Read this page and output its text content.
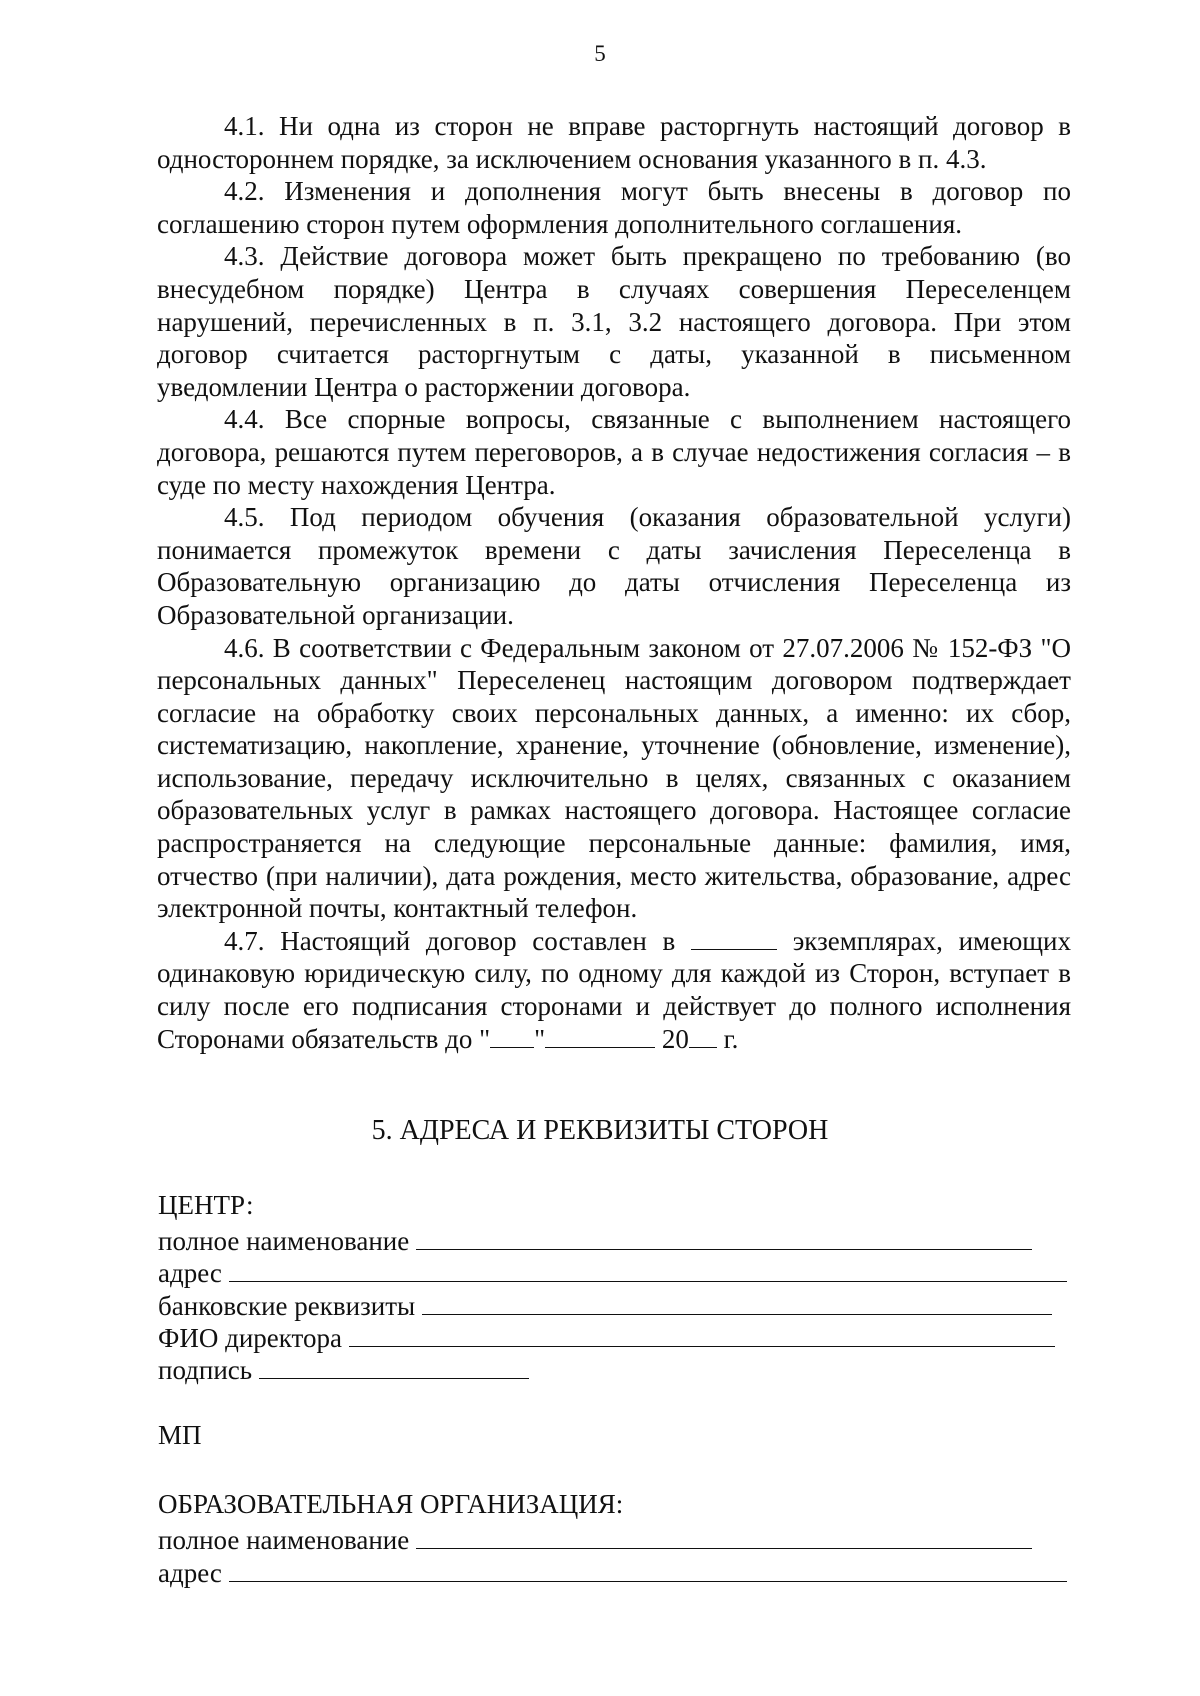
5

4.1. Ни одна из сторон не вправе расторгнуть настоящий договор в одностороннем порядке, за исключением основания указанного в п. 4.3.

4.2. Изменения и дополнения могут быть внесены в договор по соглашению сторон путем оформления дополнительного соглашения.

4.3. Действие договора может быть прекращено по требованию (во внесудебном порядке) Центра в случаях совершения Переселенцем нарушений, перечисленных в п. 3.1, 3.2 настоящего договора. При этом договор считается расторгнутым с даты, указанной в письменном уведомлении Центра о расторжении договора.

4.4. Все спорные вопросы, связанные с выполнением настоящего договора, решаются путем переговоров, а в случае недостижения согласия – в суде по месту нахождения Центра.

4.5. Под периодом обучения (оказания образовательной услуги) понимается промежуток времени с даты зачисления Переселенца в Образовательную организацию до даты отчисления Переселенца из Образовательной организации.

4.6. В соответствии с Федеральным законом от 27.07.2006 № 152-ФЗ "О персональных данных" Переселенец настоящим договором подтверждает согласие на обработку своих персональных данных, а именно: их сбор, систематизацию, накопление, хранение, уточнение (обновление, изменение), использование, передачу исключительно в целях, связанных с оказанием образовательных услуг в рамках настоящего договора. Настоящее согласие распространяется на следующие персональные данные: фамилия, имя, отчество (при наличии), дата рождения, место жительства, образование, адрес электронной почты, контактный телефон.

4.7. Настоящий договор составлен в	экземплярах, имеющих одинаковую юридическую силу, по одному для каждой из Сторон, вступает в силу после его подписания сторонами и действует до полного исполнения Сторонами обязательств до " "	20 г.

5. АДРЕСА И РЕКВИЗИТЫ СТОРОН
ЦЕНТР:
полное наименование
адрес
банковские реквизиты
ФИО директора
подпись
МП
ОБРАЗОВАТЕЛЬНАЯ ОРГАНИЗАЦИЯ:
полное наименование
адрес
